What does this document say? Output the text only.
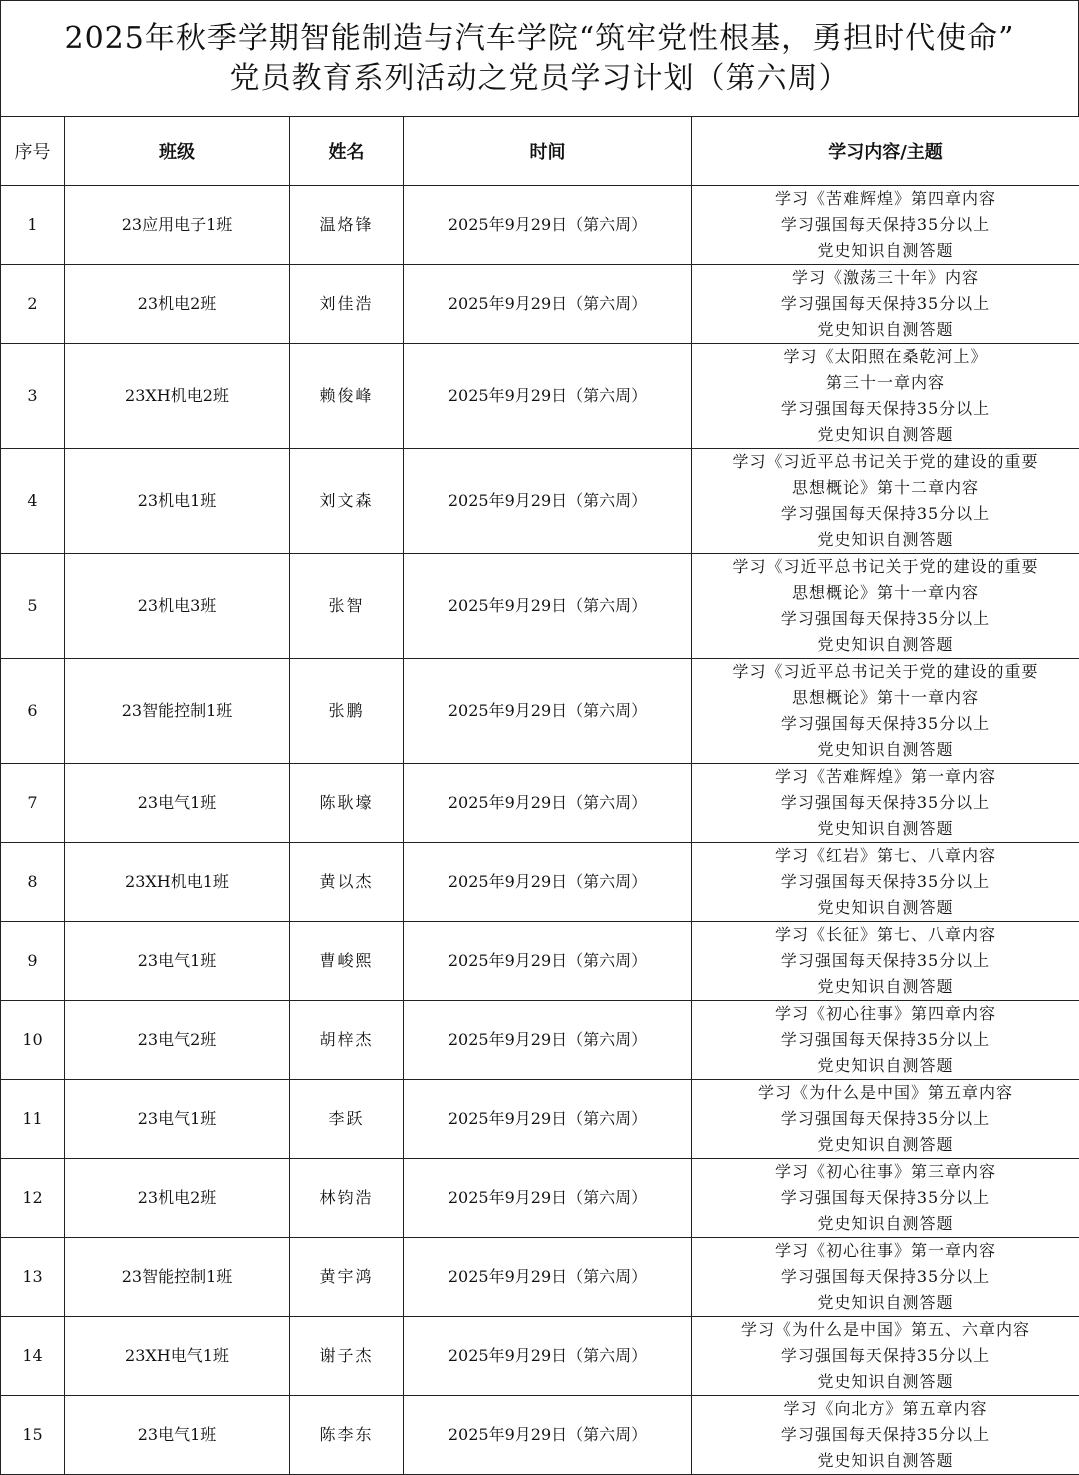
2025年秋季学期智能制造与汽车学院“筑牢党性根基，勇担时代使命”
党员教育系列活动之党员学习计划（第六周）
序号	班级	姓名	时间	学习内容/主题
1	23应用电子1班	温烙锋	2025年9月29日（第六周）	学习《苦难辉煌》第四章内容
学习强国每天保持35分以上
党史知识自测答题

2	23机电2班	刘佳浩	2025年9月29日（第六周）	学习《激荡三十年》内容
学习强国每天保持35分以上
党史知识自测答题

3	23XH机电2班	赖俊峰	2025年9月29日（第六周）	学习《太阳照在桑乾河上》
第三十一章内容
学习强国每天保持35分以上
党史知识自测答题

4	23机电1班	刘文森	2025年9月29日（第六周）	学习《习近平总书记关于党的建设的重要
思想概论》第十二章内容
学习强国每天保持35分以上
党史知识自测答题

5	23机电3班	张智	2025年9月29日（第六周）	学习《习近平总书记关于党的建设的重要
思想概论》第十一章内容
学习强国每天保持35分以上
党史知识自测答题

6	23智能控制1班	张鹏	2025年9月29日（第六周）	学习《习近平总书记关于党的建设的重要
思想概论》第十一章内容
学习强国每天保持35分以上
党史知识自测答题

7	23电气1班	陈耿壕	2025年9月29日（第六周）	学习《苦难辉煌》第一章内容
学习强国每天保持35分以上
党史知识自测答题

8	23XH机电1班	黄以杰	2025年9月29日（第六周）	学习《红岩》第七、八章内容
学习强国每天保持35分以上
党史知识自测答题

9	23电气1班	曹峻熙	2025年9月29日（第六周）	学习《长征》第七、八章内容
学习强国每天保持35分以上
党史知识自测答题

10	23电气2班	胡梓杰	2025年9月29日（第六周）	学习《初心往事》第四章内容
学习强国每天保持35分以上
党史知识自测答题

11	23电气1班	李跃	2025年9月29日（第六周）	学习《为什么是中国》第五章内容
学习强国每天保持35分以上
党史知识自测答题

12	23机电2班	林钧浩	2025年9月29日（第六周）	学习《初心往事》第三章内容
学习强国每天保持35分以上
党史知识自测答题

13	23智能控制1班	黄宇鸿	2025年9月29日（第六周）	学习《初心往事》第一章内容
学习强国每天保持35分以上
党史知识自测答题

14	23XH电气1班	谢子杰	2025年9月29日（第六周）	学习《为什么是中国》第五、六章内容
学习强国每天保持35分以上
党史知识自测答题

15	23电气1班	陈李东	2025年9月29日（第六周）	学习《向北方》第五章内容
学习强国每天保持35分以上
党史知识自测答题
